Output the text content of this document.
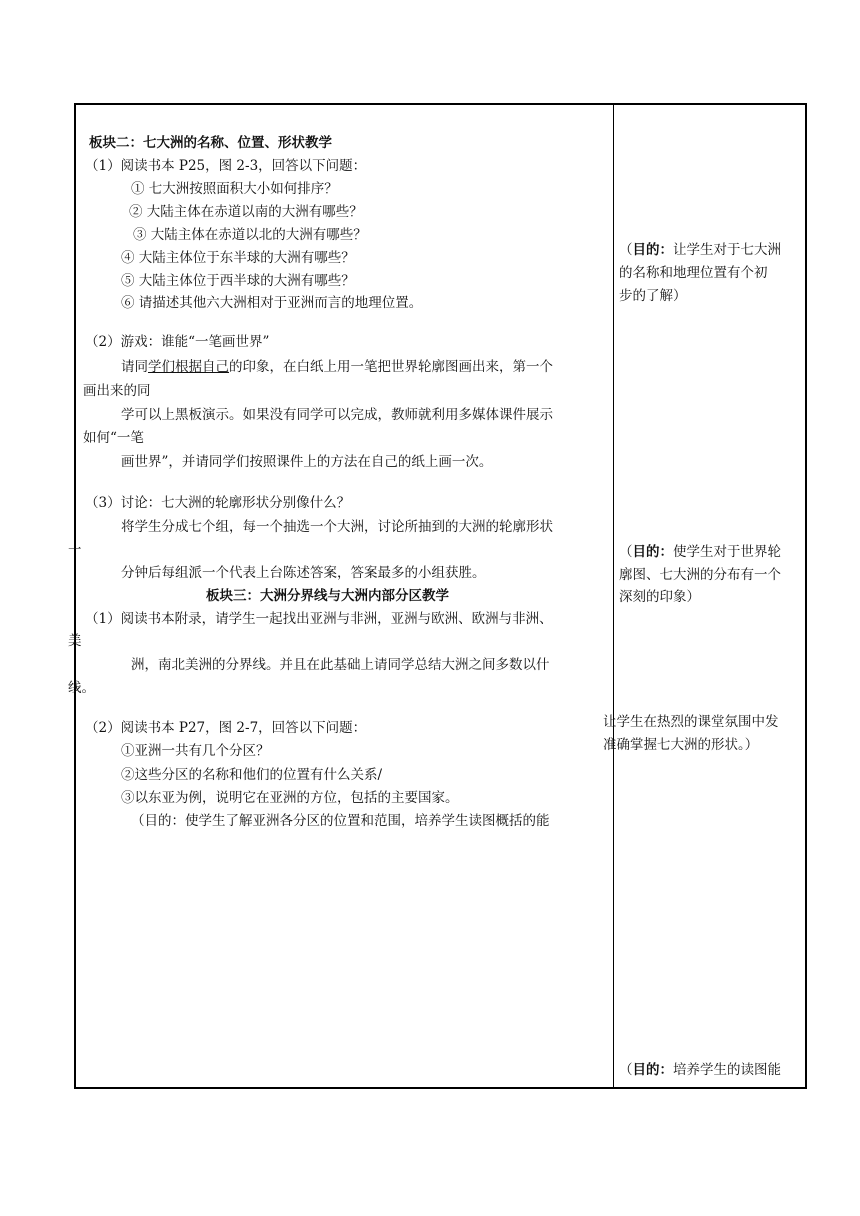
板块二：七大洲的名称、位置、形状教学
（1）阅读书本 P25，图 2-3，回答以下问题：
① 七大洲按照面积大小如何排序？
② 大陆主体在赤道以南的大洲有哪些？
③ 大陆主体在赤道以北的大洲有哪些？
④ 大陆主体位于东半球的大洲有哪些？
⑤ 大陆主体位于西半球的大洲有哪些？
⑥ 请描述其他六大洲相对于亚洲而言的地理位置。
（2）游戏：谁能“一笔画世界”
请同学们根据自己的印象，在白纸上用一笔把世界轮廓图画出来，第一个
画出来的同
学可以上黑板演示。如果没有同学可以完成，教师就利用多媒体课件展示
如何“一笔
画世界”，并请同学们按照课件上的方法在自己的纸上画一次。
（3）讨论：七大洲的轮廓形状分别像什么？
将学生分成七个组，每一个抽选一个大洲，讨论所抽到的大洲的轮廓形状
一
分钟后每组派一个代表上台陈述答案，答案最多的小组获胜。
板块三：大洲分界线与大洲内部分区教学
（1）阅读书本附录，请学生一起找出亚洲与非洲，亚洲与欧洲、欧洲与非洲、
美
洲，南北美洲的分界线。并且在此基础上请同学总结大洲之间多数以什
线。
（2）阅读书本 P27，图 2-7，回答以下问题：
①亚洲一共有几个分区？
②这些分区的名称和他们的位置有什么关系/
③以东亚为例，说明它在亚洲的方位，包括的主要国家。
（目的：使学生了解亚洲各分区的位置和范围，培养学生读图概括的能
（目的：让学生对于七大洲
的名称和地理位置有个初
步的了解）
（目的：使学生对于世界轮
廓图、七大洲的分布有一个
深刻的印象）
让学生在热烈的课堂氛围中发
准确掌握七大洲的形状。）
（目的：培养学生的读图能
